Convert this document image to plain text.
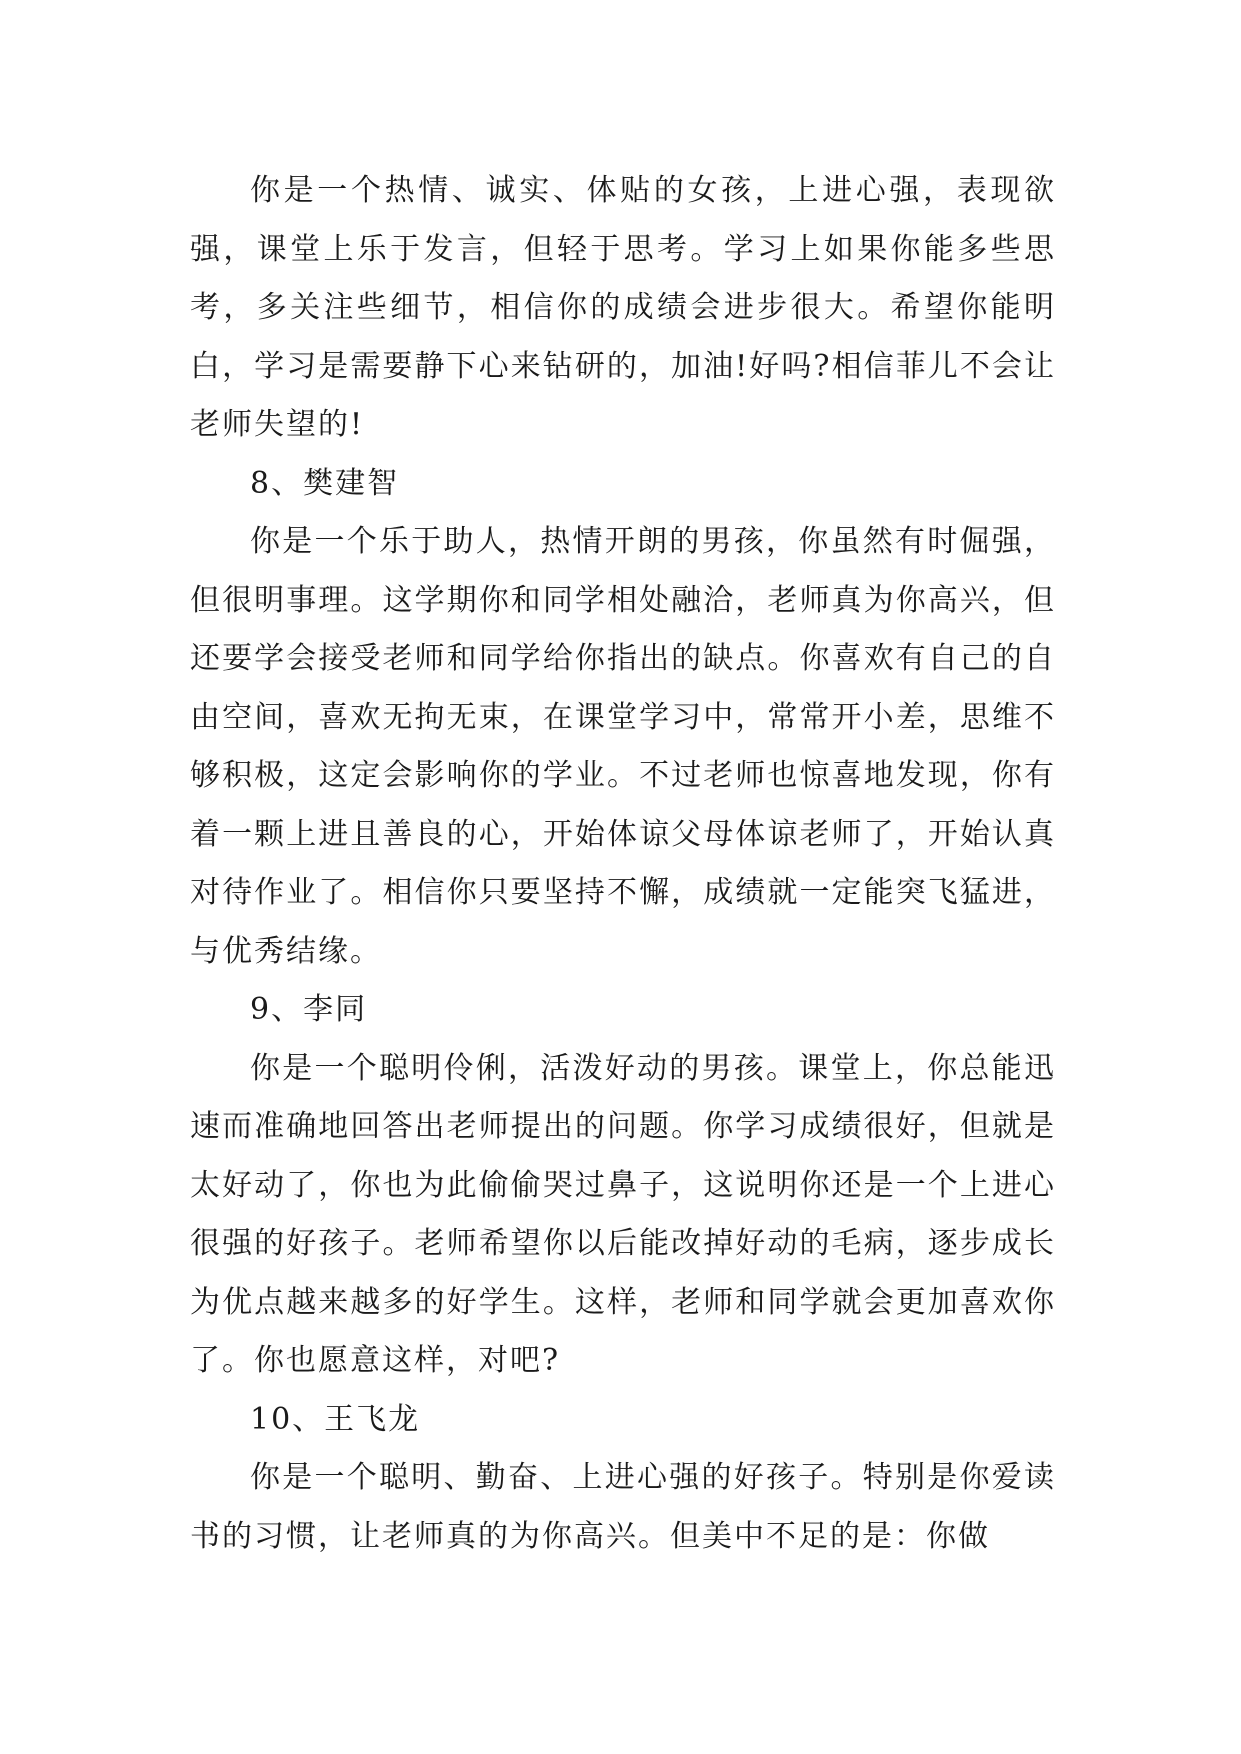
你是一个热情、诚实、体贴的女孩，上进心强，表现欲强，课堂上乐于发言，但轻于思考。学习上如果你能多些思考，多关注些细节，相信你的成绩会进步很大。希望你能明白，学习是需要静下心来钻研的，加油!好吗?相信菲儿不会让老师失望的!

8、樊建智

你是一个乐于助人，热情开朗的男孩，你虽然有时倔强，但很明事理。这学期你和同学相处融洽，老师真为你高兴，但还要学会接受老师和同学给你指出的缺点。你喜欢有自己的自由空间，喜欢无拘无束，在课堂学习中，常常开小差，思维不够积极，这定会影响你的学业。不过老师也惊喜地发现，你有着一颗上进且善良的心，开始体谅父母体谅老师了，开始认真对待作业了。相信你只要坚持不懈，成绩就一定能突飞猛进，与优秀结缘。

9、李同

你是一个聪明伶俐，活泼好动的男孩。课堂上，你总能迅速而准确地回答出老师提出的问题。你学习成绩很好，但就是太好动了，你也为此偷偷哭过鼻子，这说明你还是一个上进心很强的好孩子。老师希望你以后能改掉好动的毛病，逐步成长为优点越来越多的好学生。这样，老师和同学就会更加喜欢你了。你也愿意这样，对吧?

10、王飞龙

你是一个聪明、勤奋、上进心强的好孩子。特别是你爱读书的习惯，让老师真的为你高兴。但美中不足的是：你做
